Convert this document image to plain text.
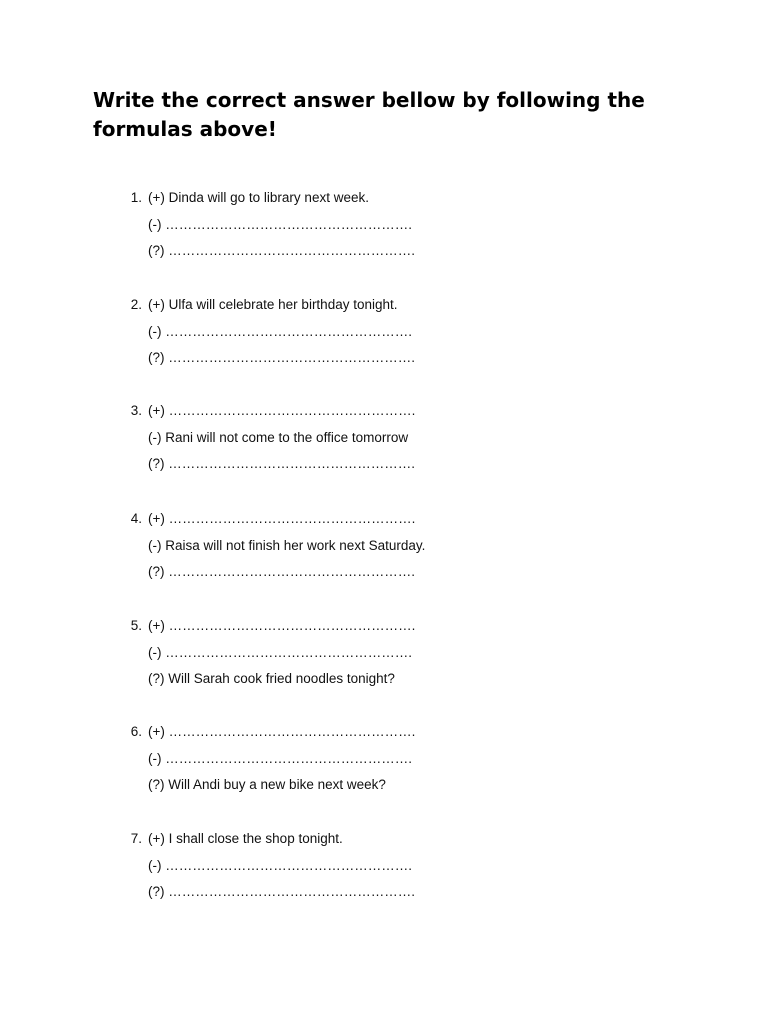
Write the correct answer bellow by following the formulas above!
1. (+) Dinda will go to library next week.
(-) ……………………………………………….
(?) ……………………………………………….
2. (+) Ulfa will celebrate her birthday tonight.
(-) ……………………………………………….
(?) ……………………………………………….
3. (+) ……………………………………………….
(-) Rani will not come to the office tomorrow
(?) ……………………………………………….
4. (+) ……………………………………………….
(-) Raisa will not finish her work next Saturday.
(?) ……………………………………………….
5. (+) ……………………………………………….
(-) ……………………………………………….
(?) Will Sarah cook fried noodles tonight?
6. (+) ……………………………………………….
(-) ……………………………………………….
(?) Will Andi buy a new bike next week?
7. (+) I shall close the shop tonight.
(-) ……………………………………………….
(?) ……………………………………………….
